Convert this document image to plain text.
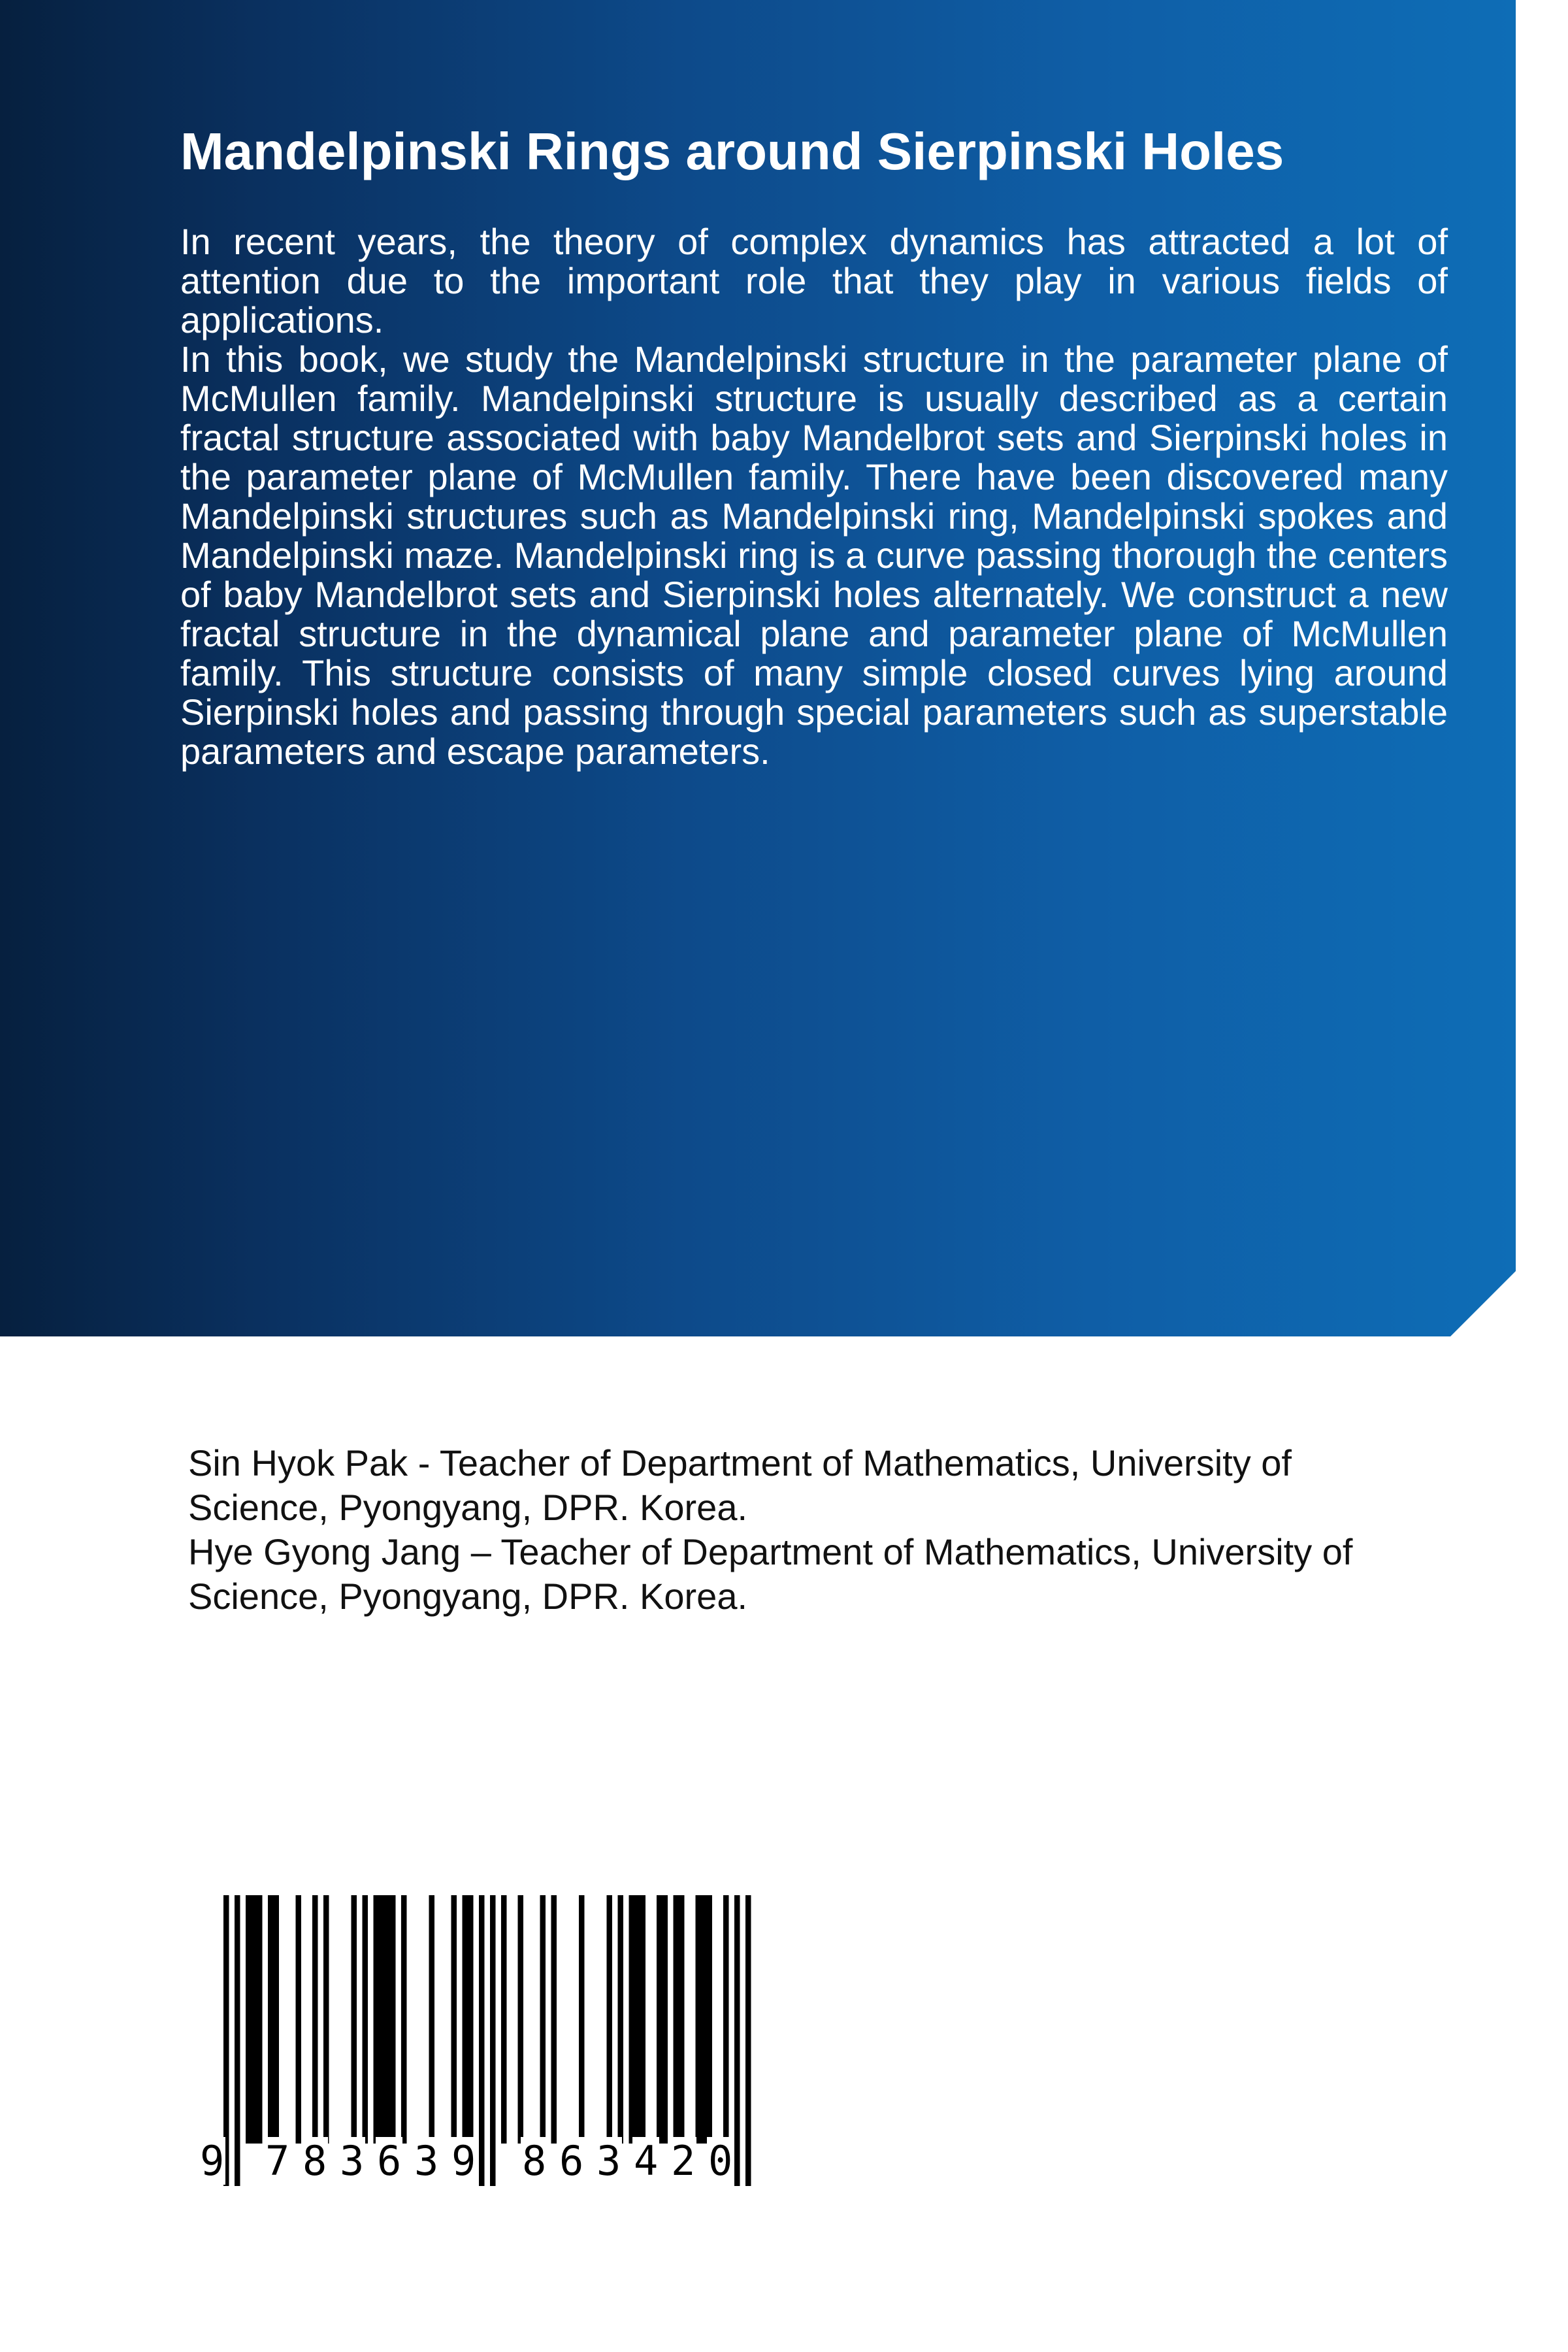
Mandelpinski Rings around Sierpinski Holes

In recent years, the theory of complex dynamics has attracted a lot of attention due to the important role that they play in various fields of applications.

In this book, we study the Mandelpinski structure in the parameter plane of McMullen family. Mandelpinski structure is usually described as a certain fractal structure associated with baby Mandelbrot sets and Sierpinski holes in the parameter plane of McMullen family. There have been discovered many Mandelpinski structures such as Mandelpinski ring, Mandelpinski spokes and Mandelpinski maze. Mandelpinski ring is a curve passing thorough the centers of baby Mandelbrot sets and Sierpinski holes alternately. We construct a new fractal structure in the dynamical plane and parameter plane of McMullen family. This structure consists of many simple closed curves lying around Sierpinski holes and passing through special parameters such as superstable parameters and escape parameters.

Sin Hyok Pak - Teacher of Department of Mathematics, University of Science, Pyongyang, DPR. Korea.

Hye Gyong Jang – Teacher of Department of Mathematics, University of Science, Pyongyang, DPR. Korea.

9 7 8 3 6 3 9 8 6 3 4 2 0
